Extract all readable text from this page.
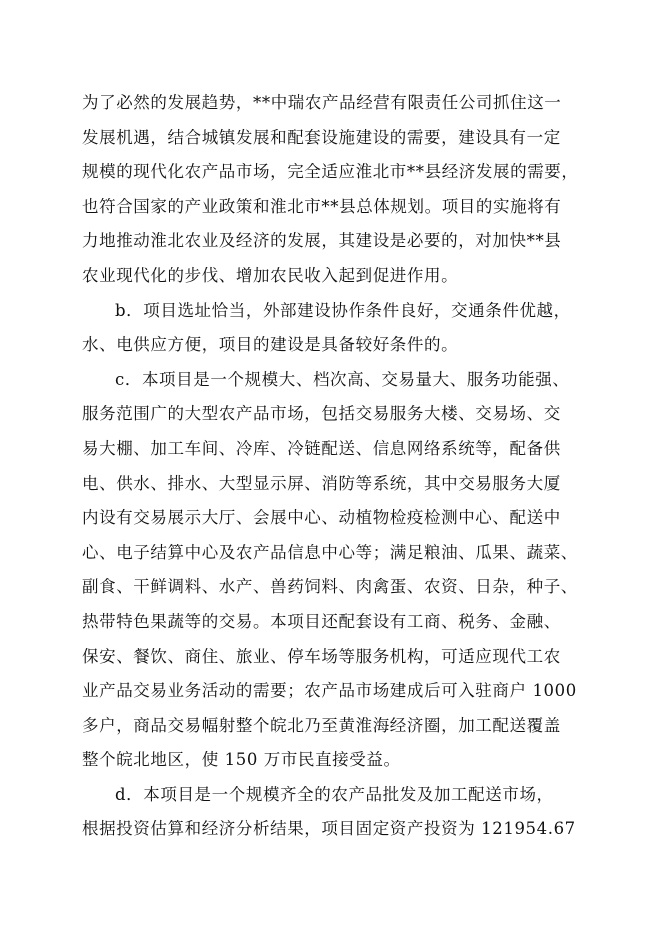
为了必然的发展趋势，**中瑞农产品经营有限责任公司抓住这一
发展机遇，结合城镇发展和配套设施建设的需要，建设具有一定
规模的现代化农产品市场，完全适应淮北市**县经济发展的需要，
也符合国家的产业政策和淮北市**县总体规划。项目的实施将有
力地推动淮北农业及经济的发展，其建设是必要的，对加快**县
农业现代化的步伐、增加农民收入起到促进作用。
b．项目选址恰当，外部建设协作条件良好，交通条件优越，
水、电供应方便，项目的建设是具备较好条件的。
c．本项目是一个规模大、档次高、交易量大、服务功能强、
服务范围广的大型农产品市场，包括交易服务大楼、交易场、交
易大棚、加工车间、冷库、冷链配送、信息网络系统等，配备供
电、供水、排水、大型显示屏、消防等系统，其中交易服务大厦
内设有交易展示大厅、会展中心、动植物检疫检测中心、配送中
心、电子结算中心及农产品信息中心等；满足粮油、瓜果、蔬菜、
副食、干鲜调料、水产、兽药饲料、肉禽蛋、农资、日杂，种子、
热带特色果蔬等的交易。本项目还配套设有工商、税务、金融、
保安、餐饮、商住、旅业、停车场等服务机构，可适应现代工农
业产品交易业务活动的需要；农产品市场建成后可入驻商户 1000
多户，商品交易幅射整个皖北乃至黄淮海经济圈，加工配送覆盖
整个皖北地区，使 150 万市民直接受益。
d．本项目是一个规模齐全的农产品批发及加工配送市场，
根据投资估算和经济分析结果，项目固定资产投资为 121954.67
